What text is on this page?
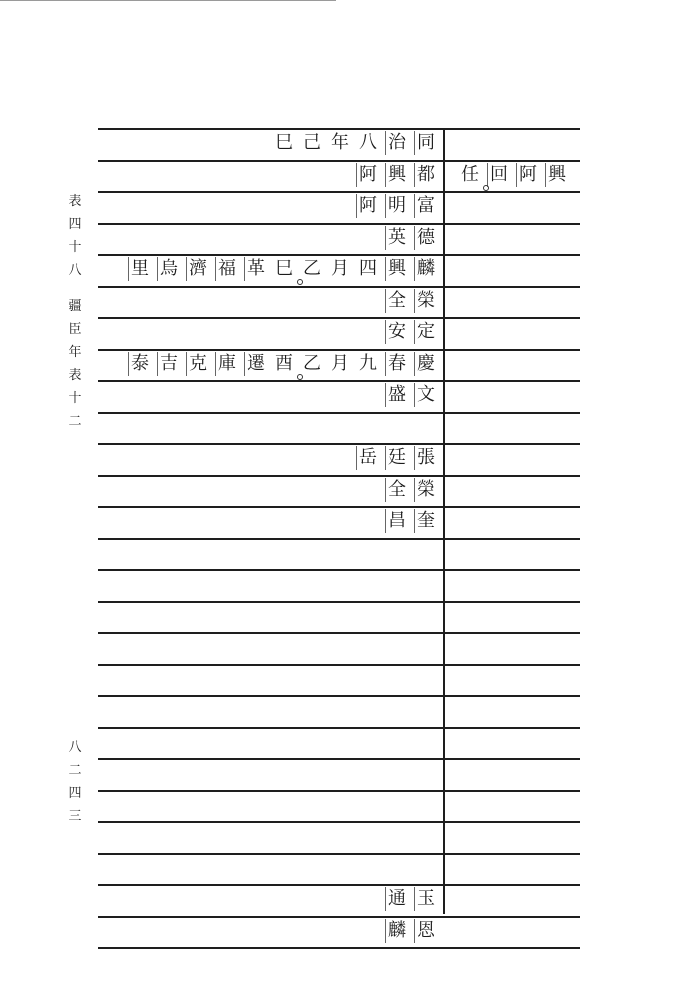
表
四
十
八
疆
臣
年
表
十
二
八
二
四
三
同
治
八
年
己
巳
都
興
阿	興
阿
回
任
富
明
阿
德
英
麟
興
四
月
乙
巳
革
福
濟
烏
里
榮
全
定
安
慶
春
九
月
乙
酉
遷
庫
克
吉
泰
文
盛
張
廷
岳
榮
全
奎
昌
玉
通
恩
麟
